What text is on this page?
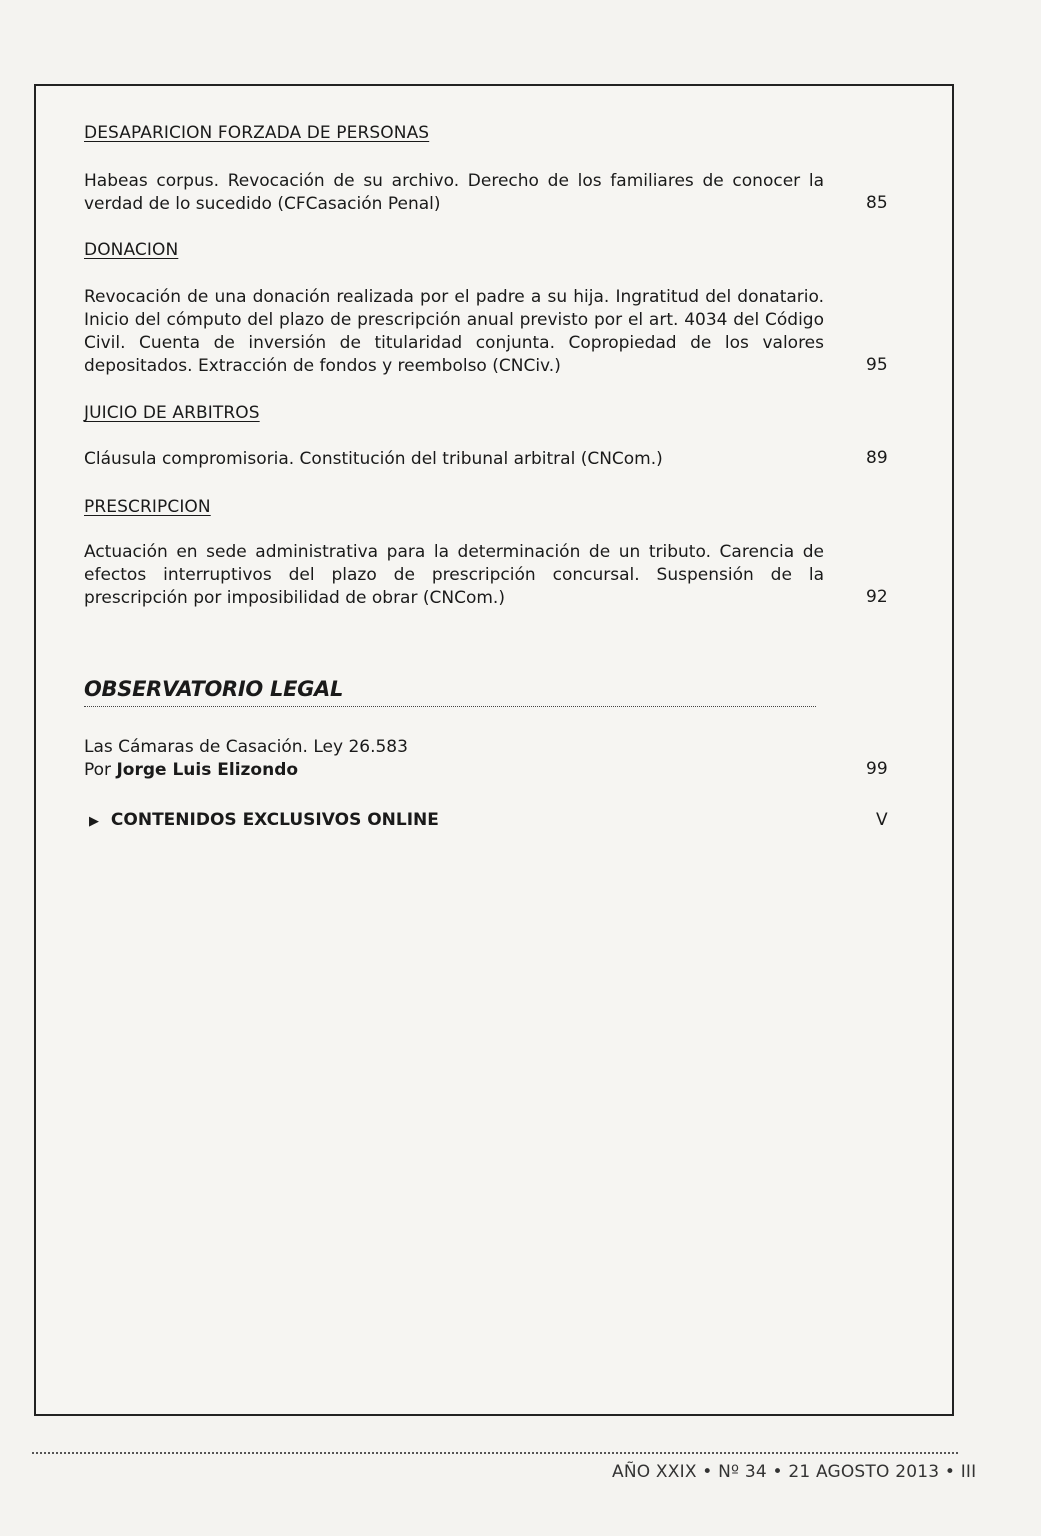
DESAPARICION FORZADA DE PERSONAS
Habeas corpus. Revocación de su archivo. Derecho de los familiares de conocer la verdad de lo sucedido (CFCasación Penal)	85
DONACION
Revocación de una donación realizada por el padre a su hija. Ingratitud del donatario. Inicio del cómputo del plazo de prescripción anual previsto por el art. 4034 del Código Civil. Cuenta de inversión de titularidad conjunta. Copropiedad de los valores depositados. Extracción de fondos y reembolso (CNCiv.)	95
JUICIO DE ARBITROS
Cláusula compromisoria. Constitución del tribunal arbitral (CNCom.)	89
PRESCRIPCION
Actuación en sede administrativa para la determinación de un tributo. Carencia de efectos interruptivos del plazo de prescripción concursal. Suspensión de la prescripción por imposibilidad de obrar (CNCom.)	92
OBSERVATORIO LEGAL
Las Cámaras de Casación. Ley 26.583
Por Jorge Luis Elizondo	99
▶ CONTENIDOS EXCLUSIVOS ONLINE	V
AÑO XXIX • Nº 34 • 21 AGOSTO 2013 • III
